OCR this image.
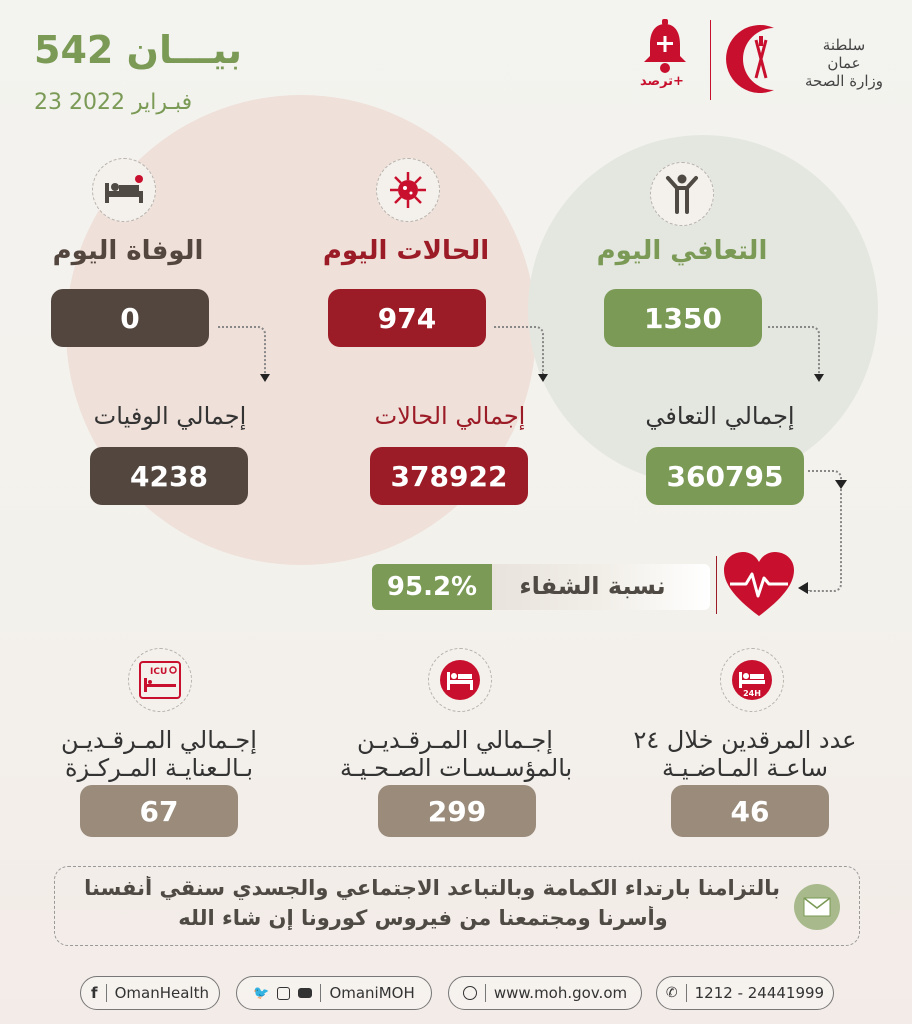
بيـــان 542
23 فبـراير 2022
ترصد+
سلطنة عمان
وزارة الصحة
التعافي اليوم
1350
إجمالي التعافي
360795
الحالات اليوم
974
إجمالي الحالات
378922
الوفاة اليوم
0
إجمالي الوفيات
4238
نسبة الشفاء
95.2%
24H
عدد المرقدين خلال ٢٤
ساعـة المـاضـيـة
46
إجـمالي المـرقـديـن
بالمؤسـسـات الصـحـيـة
299
ICU
إجـمالي المـرقـديـن
بـالـعنايـة المـركـزة
67
بالتزامنا بارتداء الكمامة وبالتباعد الاجتماعي والجسدي سنقي أنفسنا
وأسرنا ومجتمعنا من فيروس كورونا إن شاء الله
f OmanHealth	🐦	OmaniMOH	www.moh.gov.om	✆ 1212 - 24441999
